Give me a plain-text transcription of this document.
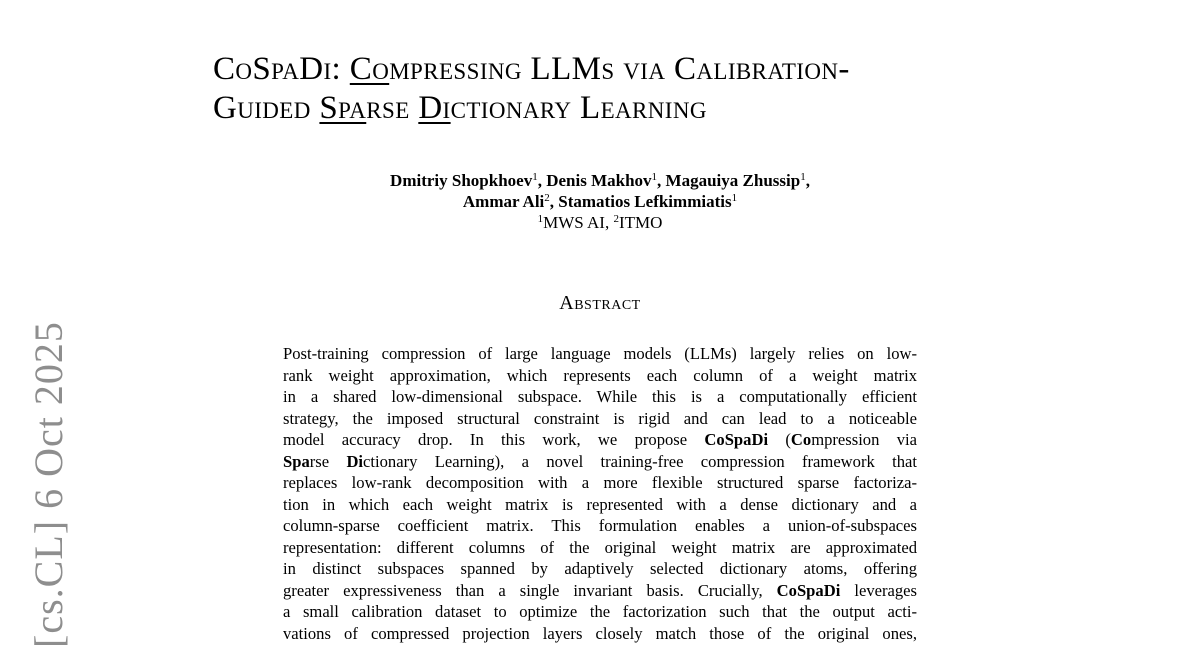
CoSpaDi: Compressing LLMs via Calibration-
Guided Sparse Dictionary Learning
Dmitriy Shopkhoev$^1$, Denis Makhov$^1$, Magauiya Zhussip$^1$,
Ammar Ali$^2$, Stamatios Lefkimmiatis$^1$
$^1$MWS AI, $^2$ITMO
Abstract
Post-training compression of large language models (LLMs) largely relies on low-
rank weight approximation, which represents each column of a weight matrix
in a shared low-dimensional subspace. While this is a computationally efficient
strategy, the imposed structural constraint is rigid and can lead to a noticeable
model accuracy drop. In this work, we propose CoSpaDi (Compression via
Sparse Dictionary Learning), a novel training-free compression framework that
replaces low-rank decomposition with a more flexible structured sparse factoriza-
tion in which each weight matrix is represented with a dense dictionary and a
column-sparse coefficient matrix. This formulation enables a union-of-subspaces
representation: different columns of the original weight matrix are approximated
in distinct subspaces spanned by adaptively selected dictionary atoms, offering
greater expressiveness than a single invariant basis. Crucially, CoSpaDi leverages
a small calibration dataset to optimize the factorization such that the output acti-
vations of compressed projection layers closely match those of the original ones,
[cs.CL] 6 Oct 2025
